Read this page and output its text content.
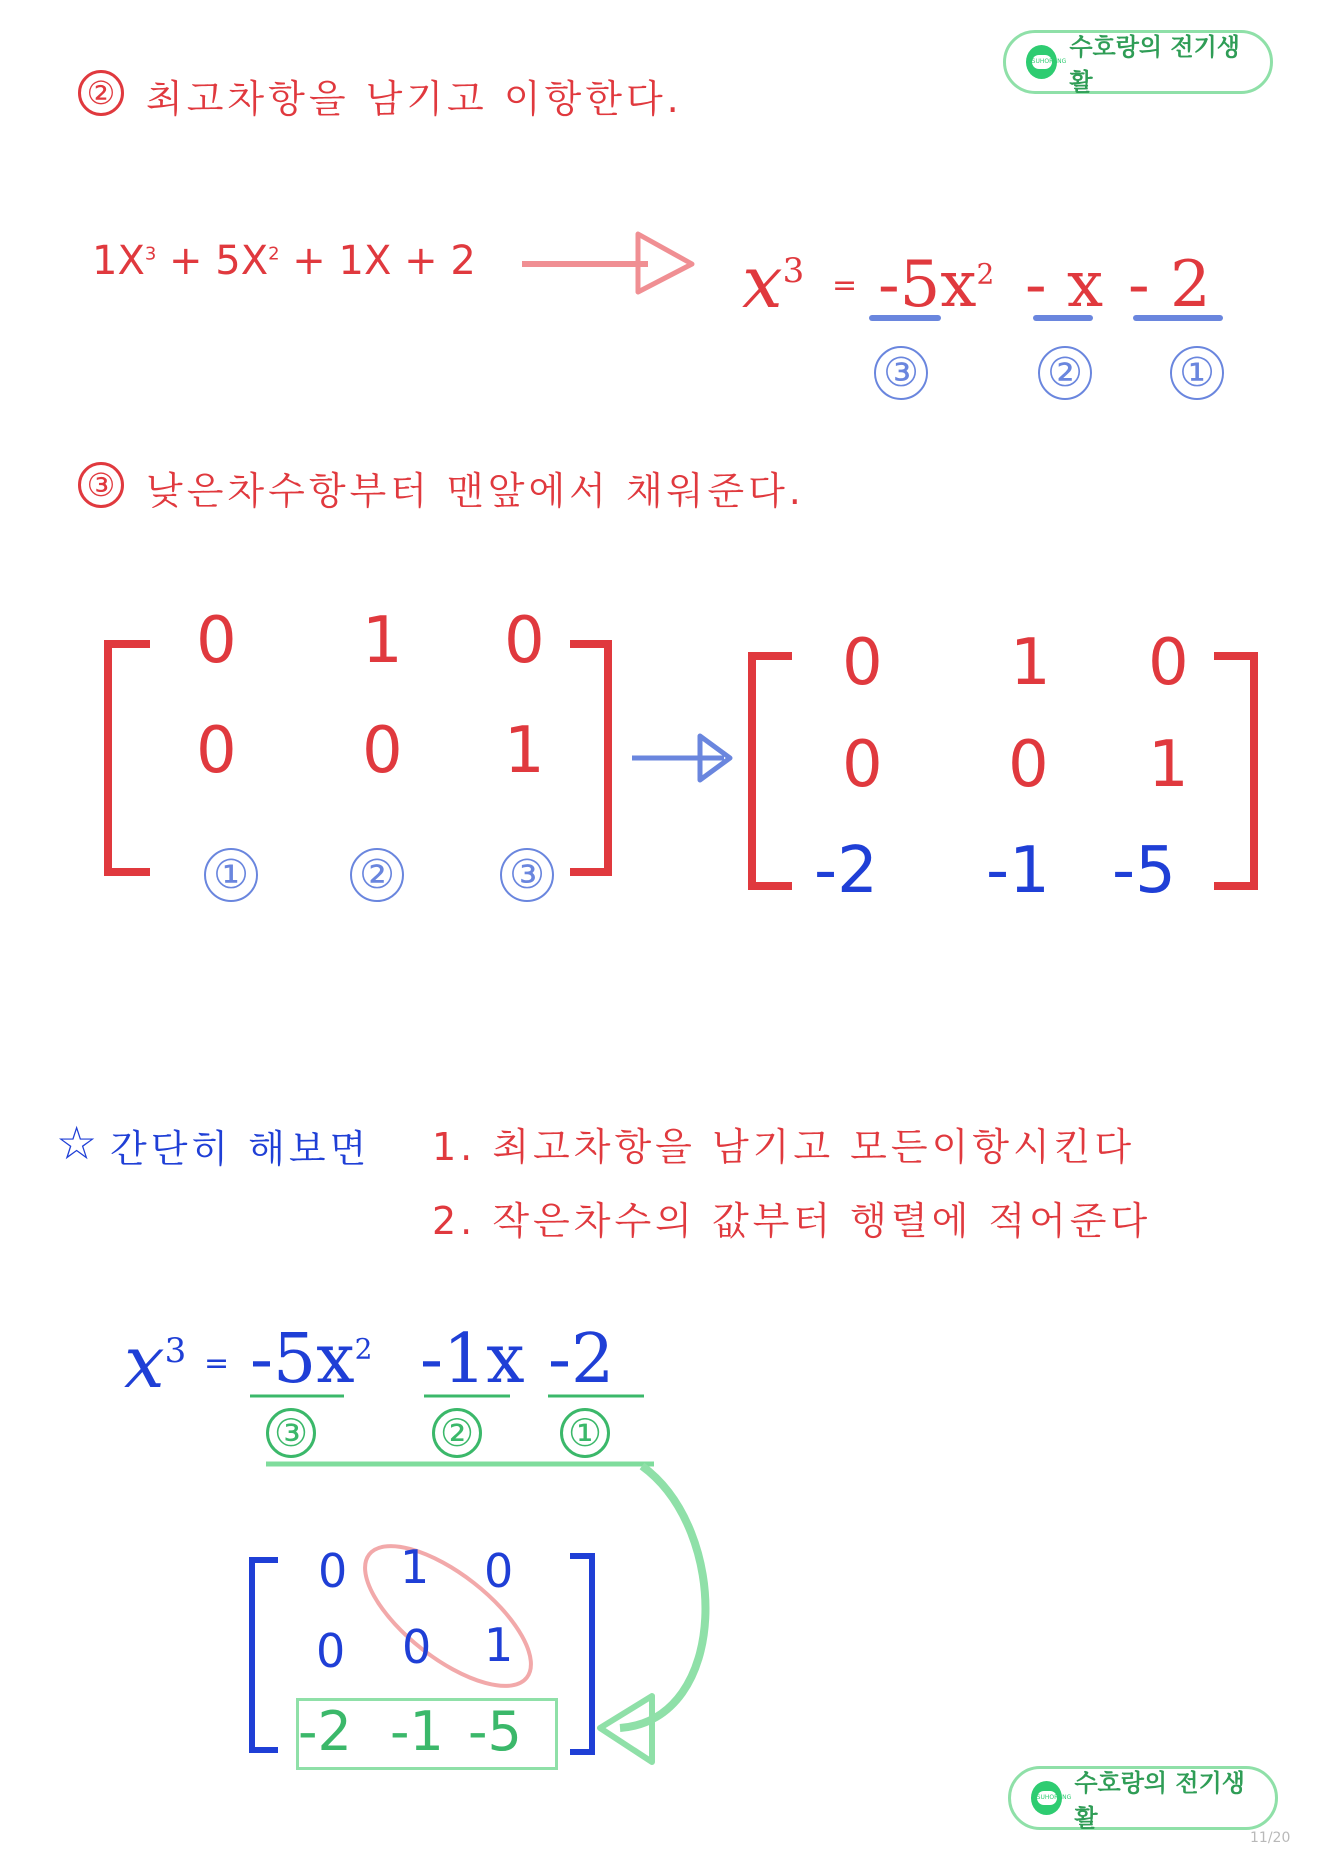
SUHORANG
수호랑의 전기생활
SUHORANG
수호랑의 전기생활
② 최고차항을 남기고 이항한다.
$1X^3 + 5X^2 + 1X + 2$	$x^3 = -5x^2 - x - 2$
③	② ①
③ 낮은차수항부터 맨앞에서 채워준다.
0 1 0
0 0 1
①	②	③
0 1 0
0 0 1
-2 -1 -5
☆ 간단히 해보면 1. 최고차항을 남기고 모든이항시킨다
2. 작은차수의 값부터 행렬에 적어준다
$x^3 = -5x^2$ -1x -2
③	② ①
0 1 0
0 0 1
-2 -1 -5
11/20
